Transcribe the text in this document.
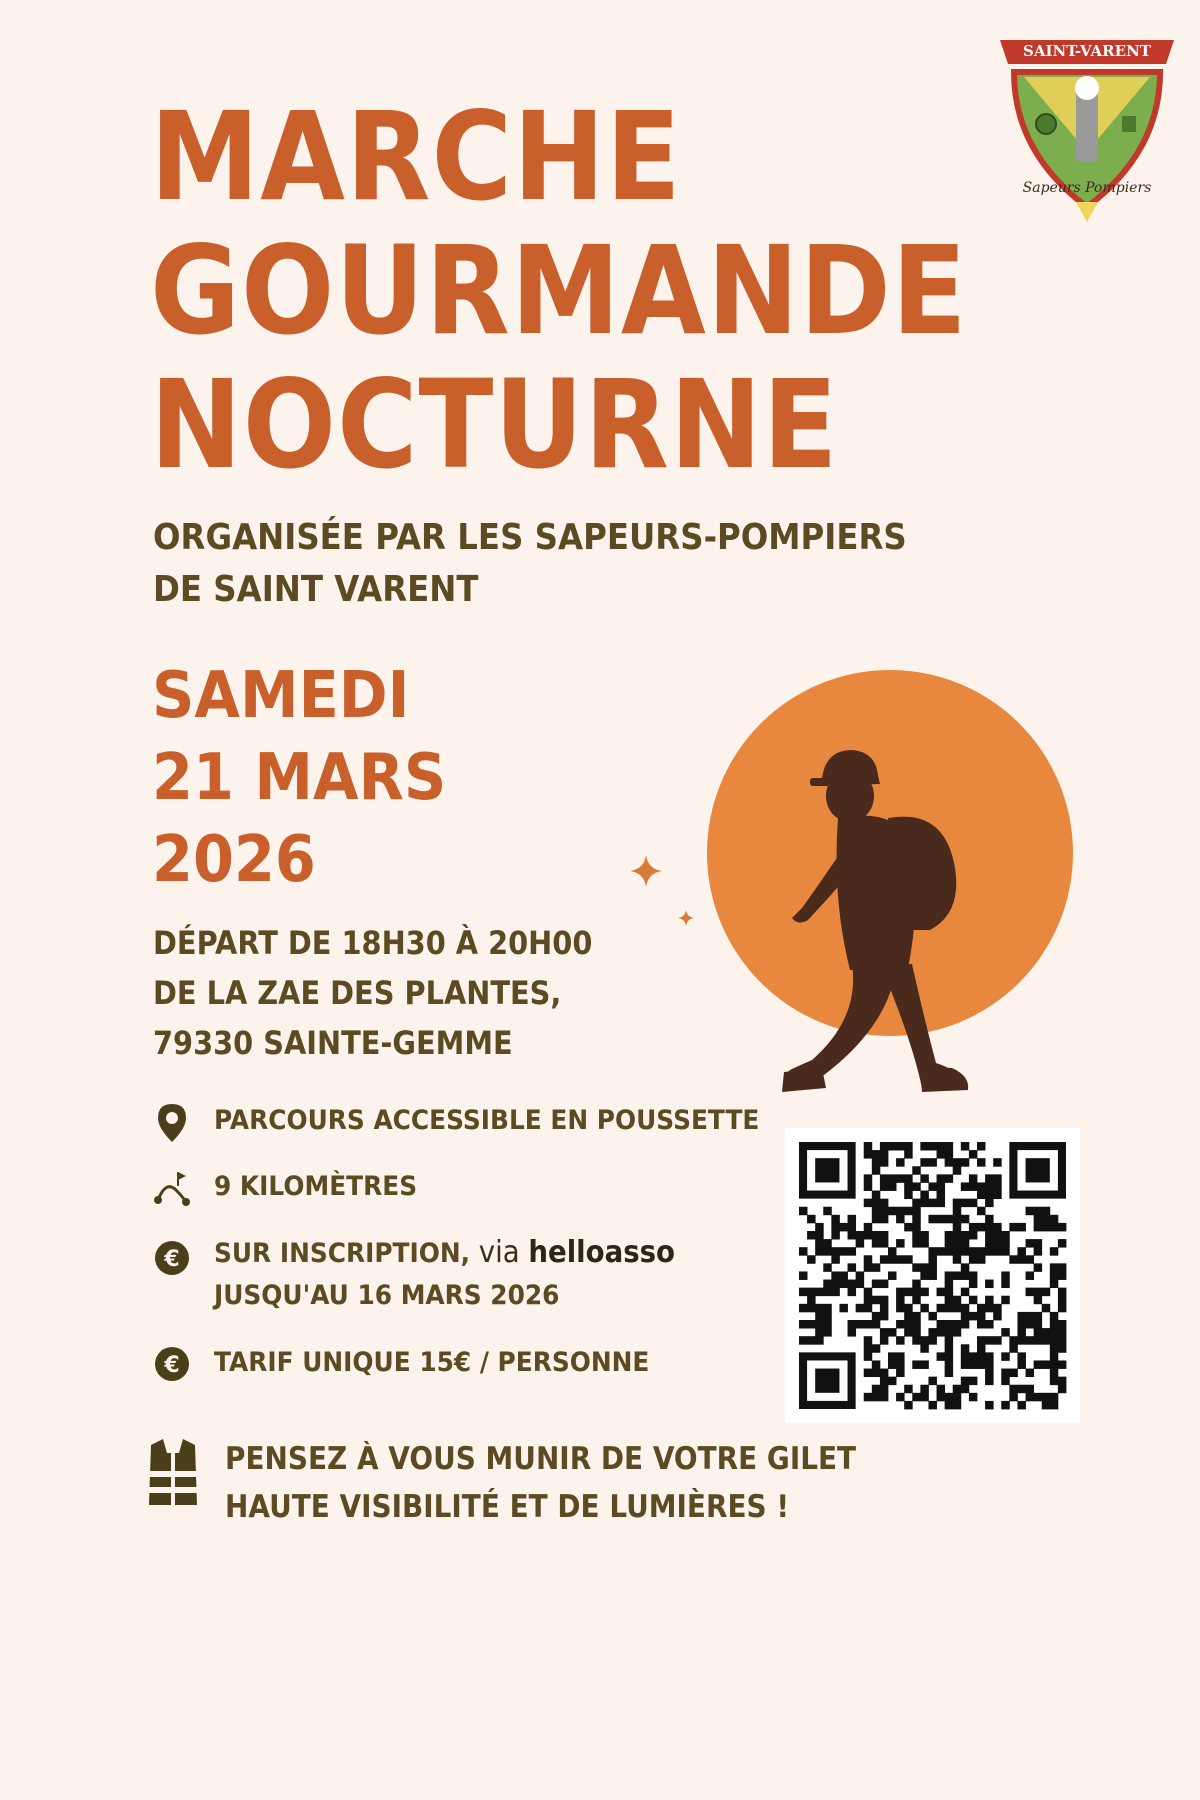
SAINT-VARENT
Sapeurs Pompiers
MARCHE
GOURMANDE
NOCTURNE
ORGANISÉE PAR LES SAPEURS-POMPIERS
DE SAINT VARENT
SAMEDI
21 MARS
2026
DÉPART DE 18H30 À 20H00
DE LA ZAE DES PLANTES,
79330 SAINTE-GEMME
PARCOURS ACCESSIBLE EN POUSSETTE
9 KILOMÈTRES
€ SUR INSCRIPTION, via helloasso
JUSQU'AU 16 MARS 2026
€ TARIF UNIQUE 15€ / PERSONNE
PENSEZ À VOUS MUNIR DE VOTRE GILET
HAUTE VISIBILITÉ ET DE LUMIÈRES !
